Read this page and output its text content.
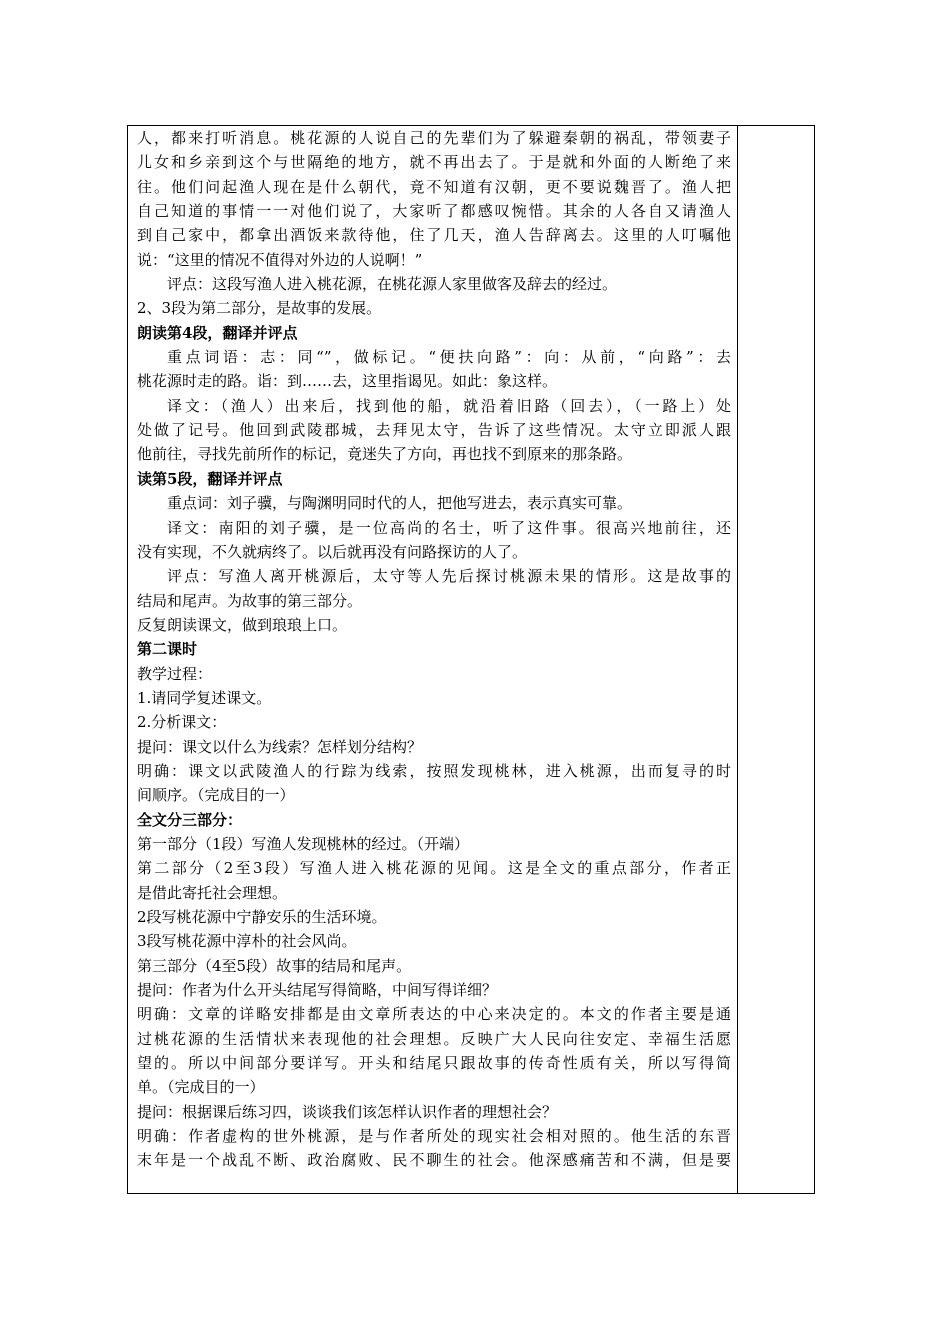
人，都来打听消息。桃花源的人说自己的先辈们为了躲避秦朝的祸乱，带领妻子
儿女和乡亲到这个与世隔绝的地方，就不再出去了。于是就和外面的人断绝了来
往。他们问起渔人现在是什么朝代，竟不知道有汉朝，更不要说魏晋了。渔人把
自己知道的事情一一对他们说了，大家听了都感叹惋惜。其余的人各自又请渔人
到自己家中，都拿出酒饭来款待他，住了几天，渔人告辞离去。这里的人叮嘱他
说：“这里的情况不值得对外边的人说啊！”
评点：这段写渔人进入桃花源，在桃花源人家里做客及辞去的经过。
2、3段为第二部分，是故事的发展。
朗读第4段，翻译并评点
重点词语：志：同“”，做标记。“便扶向路”：向：从前，“向路”：去
桃花源时走的路。诣：到……去，这里指谒见。如此：象这样。
译文：（渔人）出来后，找到他的船，就沿着旧路（回去），（一路上）处
处做了记号。他回到武陵郡城，去拜见太守，告诉了这些情况。太守立即派人跟
他前往，寻找先前所作的标记，竟迷失了方向，再也找不到原来的那条路。
读第5段，翻译并评点
重点词：刘子骥，与陶渊明同时代的人，把他写进去，表示真实可靠。
译文：南阳的刘子骥，是一位高尚的名士，听了这件事。很高兴地前往，还
没有实现，不久就病终了。以后就再没有问路探访的人了。
评点：写渔人离开桃源后，太守等人先后探讨桃源未果的情形。这是故事的
结局和尾声。为故事的第三部分。
反复朗读课文，做到琅琅上口。
第二课时
教学过程：
1.请同学复述课文。
2.分析课文：
提问：课文以什么为线索？怎样划分结构？
明确：课文以武陵渔人的行踪为线索，按照发现桃林，进入桃源，出而复寻的时
间顺序。（完成目的一）
全文分三部分：
第一部分（1段）写渔人发现桃林的经过。（开端）
第二部分（2至3段）写渔人进入桃花源的见闻。这是全文的重点部分，作者正
是借此寄托社会理想。
2段写桃花源中宁静安乐的生活环境。
3段写桃花源中淳朴的社会风尚。
第三部分（4至5段）故事的结局和尾声。
提问：作者为什么开头结尾写得简略，中间写得详细？
明确：文章的详略安排都是由文章所表达的中心来决定的。本文的作者主要是通
过桃花源的生活情状来表现他的社会理想。反映广大人民向往安定、幸福生活愿
望的。所以中间部分要详写。开头和结尾只跟故事的传奇性质有关，所以写得简
单。（完成目的一）
提问：根据课后练习四，谈谈我们该怎样认识作者的理想社会？
明确：作者虚构的世外桃源，是与作者所处的现实社会相对照的。他生活的东晋
末年是一个战乱不断、政治腐败、民不聊生的社会。他深感痛苦和不满，但是要
